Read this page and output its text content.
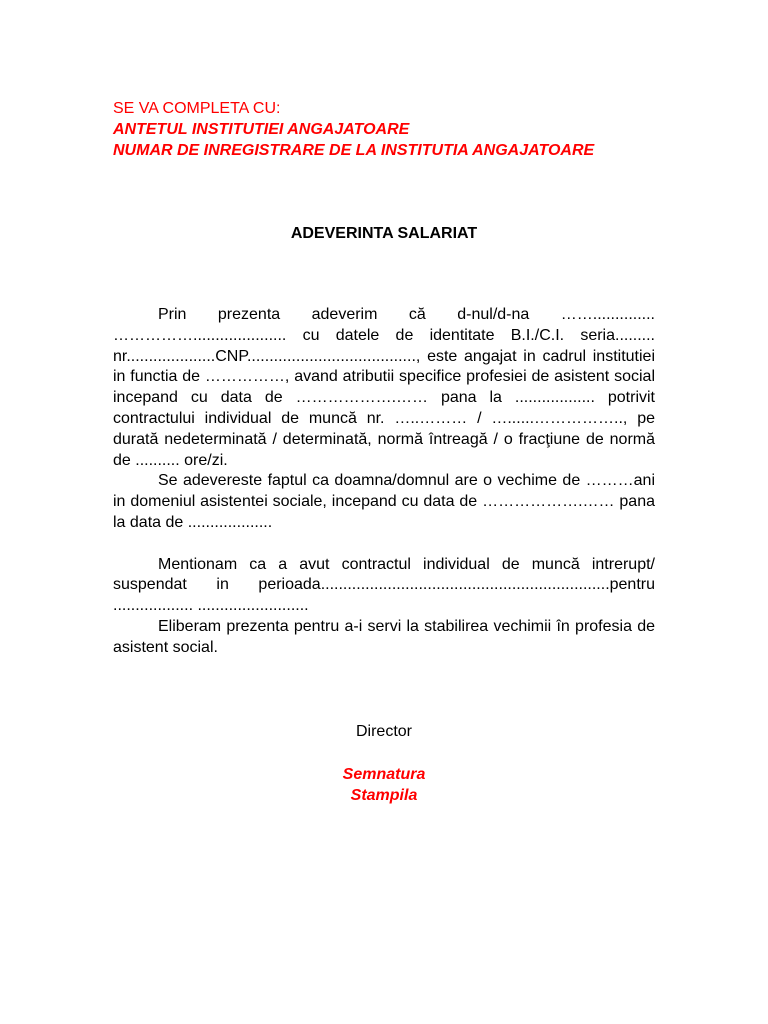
SE VA COMPLETA CU:
ANTETUL INSTITUTIEI ANGAJATOARE
NUMAR DE INREGISTRARE DE LA INSTITUTIA ANGAJATOARE
ADEVERINTA SALARIAT

Prin prezenta adeverim că d-nul/d-na …….............. ……………..................... cu datele de identitate B.I./C.I. seria......... nr....................CNP......................................, este angajat in cadrul institutiei in functia de ……………, avand atributii specifice profesiei de asistent social incepand cu data de ……………….…… pana la .................. potrivit contractului individual de muncă nr. …..……… / …......…………….., pe durată nedeterminată / determinată, normă întreagă / o fracţiune de normă de .......... ore/zi.

Se adevereste faptul ca doamna/domnul are o vechime de ………ani in domeniul asistentei sociale, incepand cu data de ……………….…… pana la data de ...................

Mentionam ca a avut contractul individual de muncă intrerupt/ suspendat in perioada.................................................................pentru .................. .........................

Eliberam prezenta pentru a-i servi la stabilirea vechimii în profesia de asistent social.

Director
Semnatura
Stampila
